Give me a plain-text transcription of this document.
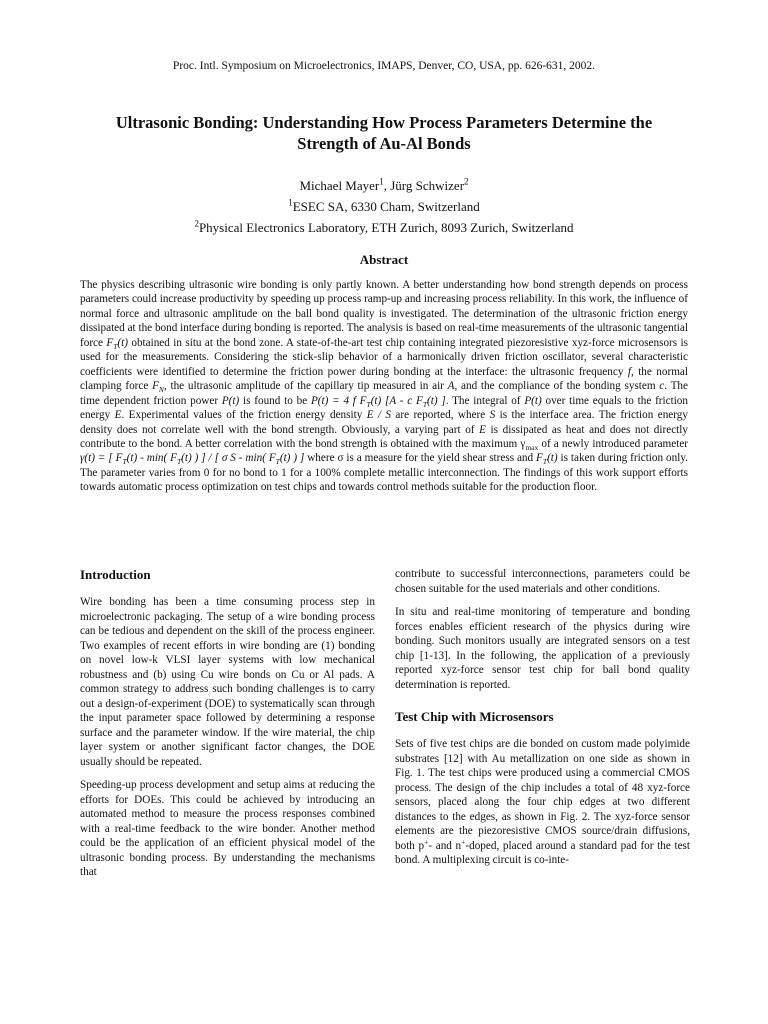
Proc. Intl. Symposium on Microelectronics, IMAPS, Denver, CO, USA, pp. 626-631, 2002.
Ultrasonic Bonding: Understanding How Process Parameters Determine the
Strength of Au-Al Bonds
Michael Mayer$^1$, Jürg Schwizer$^2$
$^1$ESEC SA, 6330 Cham, Switzerland
$^2$Physical Electronics Laboratory, ETH Zurich, 8093 Zurich, Switzerland
Abstract

The physics describing ultrasonic wire bonding is only partly known. A better understanding how bond strength depends on process parameters could increase productivity by speeding up process ramp-up and increasing process reliability. In this work, the influence of normal force and ultrasonic amplitude on the ball bond quality is investigated. The determination of the ultrasonic friction energy dissipated at the bond interface during bonding is reported. The analysis is based on real-time measurements of the ultrasonic tangential force $F_T(t)$ obtained in situ at the bond zone. A state-of-the-art test chip containing integrated piezoresistive xyz-force microsensors is used for the measurements. Considering the stick-slip behavior of a harmonically driven friction oscillator, several characteristic coefficients were identified to determine the friction power during bonding at the interface: the ultrasonic frequency f, the normal clamping force $F_N$, the ultrasonic amplitude of the capillary tip measured in air A, and the compliance of the bonding system c. The time dependent friction power P(t) is found to be P(t) = 4 f $F_T(t)$ [A - c $F_T(t)$ ]. The integral of P(t) over time equals to the friction energy E. Experimental values of the friction energy density E / S are reported, where S is the interface area. The friction energy density does not correlate well with the bond strength. Obviously, a varying part of E is dissipated as heat and does not directly contribute to the bond. A better correlation with the bond strength is obtained with the maximum $\gamma_{max}$ of a newly introduced parameter γ(t) = [ $F_T(t) - \min$( $F_T(t)$ ) ] / [ σ S - min( $F_T(t)$ ) ] where σ is a measure for the yield shear stress and $F_T(t)$ is taken during friction only. The parameter varies from 0 for no bond to 1 for a 100% complete metallic interconnection. The findings of this work support efforts towards automatic process optimization on test chips and towards control methods suitable for the production floor.

Introduction

Wire bonding has been a time consuming process step in microelectronic packaging. The setup of a wire bonding process can be tedious and dependent on the skill of the process engineer. Two examples of recent efforts in wire bonding are (1) bonding on novel low-k VLSI layer systems with low mechanical robustness and (b) using Cu wire bonds on Cu or Al pads. A common strategy to address such bonding challenges is to carry out a design-of-experiment (DOE) to systematically scan through the input parameter space followed by determining a response surface and the parameter window. If the wire material, the chip layer system or another significant factor changes, the DOE usually should be repeated.

Speeding-up process development and setup aims at reducing the efforts for DOEs. This could be achieved by introducing an automated method to measure the process responses combined with a real-time feedback to the wire bonder. Another method could be the application of an efficient physical model of the ultrasonic bonding process. By understanding the mechanisms that

contribute to successful interconnections, parameters could be chosen suitable for the used materials and other conditions.

In situ and real-time monitoring of temperature and bonding forces enables efficient research of the physics during wire bonding. Such monitors usually are integrated sensors on a test chip [1-13]. In the following, the application of a previously reported xyz-force sensor test chip for ball bond quality determination is reported.

Test Chip with Microsensors

Sets of five test chips are die bonded on custom made polyimide substrates [12] with Au metallization on one side as shown in Fig. 1. The test chips were produced using a commercial CMOS process. The design of the chip includes a total of 48 xyz-force sensors, placed along the four chip edges at two different distances to the edges, as shown in Fig. 2. The xyz-force sensor elements are the piezoresistive CMOS source/drain diffusions, both p+- and n+-doped, placed around a standard pad for the test bond. A multiplexing circuit is co-inte-
